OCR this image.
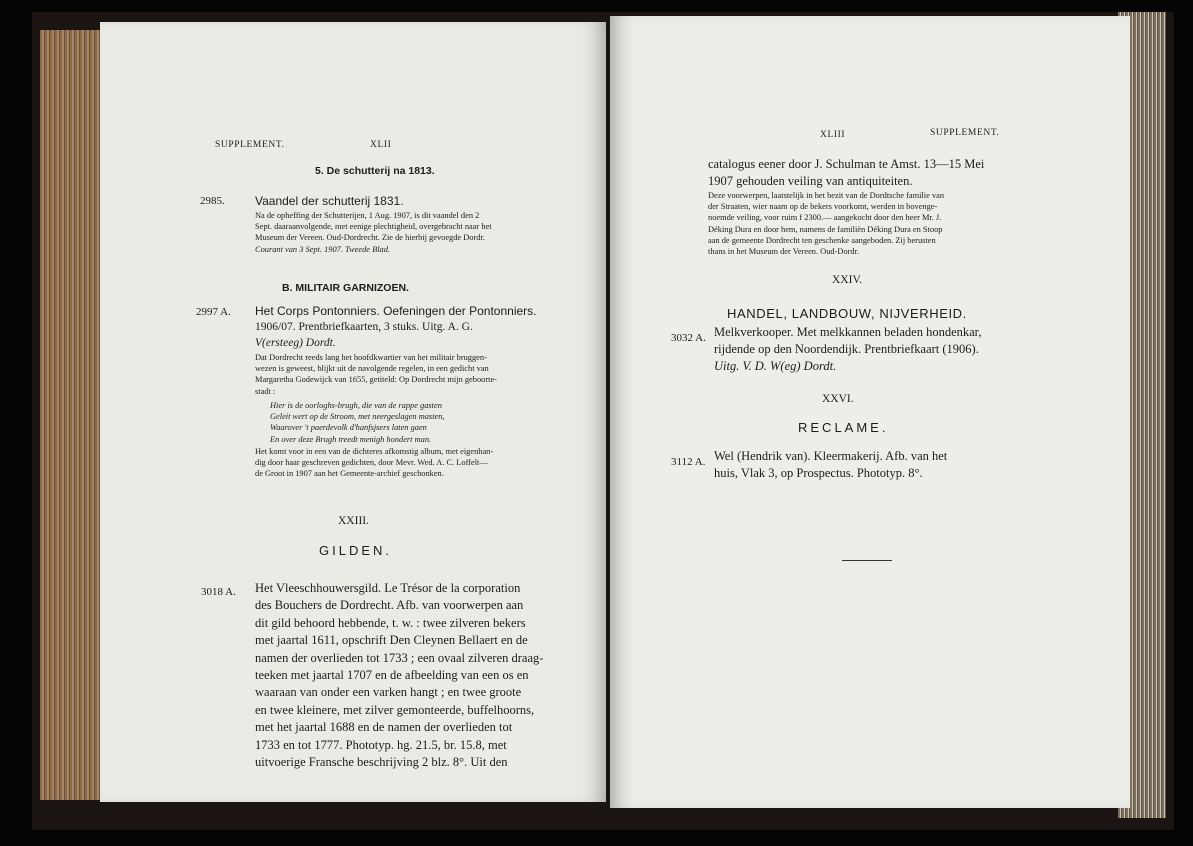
SUPPLEMENT.	XLII
5. De schutterij na 1813.
2985.	Vaandel der schutterij 1831.
Na de opheffing der Schutterijen, 1 Aug. 1907, is dit vaandel den 2
Sept. daaraanvolgende, met eenige plechtigheid, overgebracht naar het
Museum der Vereen. Oud-Dordrecht. Zie de hierbij gevoegde Dordr.
Courant van 3 Sept. 1907. Tweede Blad.
B. MILITAIR GARNIZOEN.
2997 A. Het Corps Pontonniers. Oefeningen der Pontonniers.
1906/07. Prentbriefkaarten, 3 stuks. Uitg. A. G.
V(ersteeg) Dordt.
Dat Dordrecht reeds lang het hoofdkwartier van het militair bruggen-
wezen is geweest, blijkt uit de navolgende regelen, in een gedicht van
Margaretha Godewijck van 1655, getiteld: Op Dordrecht mijn geboorte-
stadt :
Hier is de oorloghs-brugh, die van de rappe gasten
Geleit wert op de Stroom, met neergeslagen masten,
Waarover 't paerdevolk d'hanfsjsers laten gaen
En over deze Brugh treedt menigh hondert man.
Het komt voor in een van de dichteres afkomstig album, met eigenhan-
dig door haar geschreven gedichten, door Mevr. Wed. A. C. Loffelt—
de Groot in 1907 aan het Gemeente-archief geschonken.
XXIII.
GILDEN.
3018 A. Het Vleeschhouwersgild. Le Trésor de la corporation
des Bouchers de Dordrecht. Afb. van voorwerpen aan
dit gild behoord hebbende, t. w. : twee zilveren bekers
met jaartal 1611, opschrift Den Cleynen Bellaert en de
namen der overlieden tot 1733 ; een ovaal zilveren draag-
teeken met jaartal 1707 en de afbeelding van een os en
waaraan van onder een varken hangt ; en twee groote
en twee kleinere, met zilver gemonteerde, buffelhoorns,
met het jaartal 1688 en de namen der overlieden tot
1733 en tot 1777. Phototyp. hg. 21.5, br. 15.8, met
uitvoerige Fransche beschrijving 2 blz. 8°. Uit den
XLIII	SUPPLEMENT.
catalogus eener door J. Schulman te Amst. 13—15 Mei
1907 gehouden veiling van antiquiteiten.
Deze voorwerpen, laatstelijk in het bezit van de Dordtsche familie van
der Straaten, wier naam op de bekers voorkomt, werden in bovenge-
noemde veiling, voor ruim f 2300.— aangekocht door den heer Mr. J.
Déking Dura en door hem, namens de familiën Déking Dura en Stoop
aan de gemeente Dordrecht ten geschenke aangeboden. Zij berusten
thans in het Museum der Vereen. Oud-Dordr.
XXIV.
HANDEL, LANDBOUW, NIJVERHEID.
3032 A. Melkverkooper. Met melkkannen beladen hondenkar,
rijdende op den Noordendijk. Prentbriefkaart (1906).
Uitg. V. D. W(eg) Dordt.
XXVI.
RECLAME.
3112 A. Wel (Hendrik van). Kleermakerij. Afb. van het
huis, Vlak 3, op Prospectus. Phototyp. 8°.
